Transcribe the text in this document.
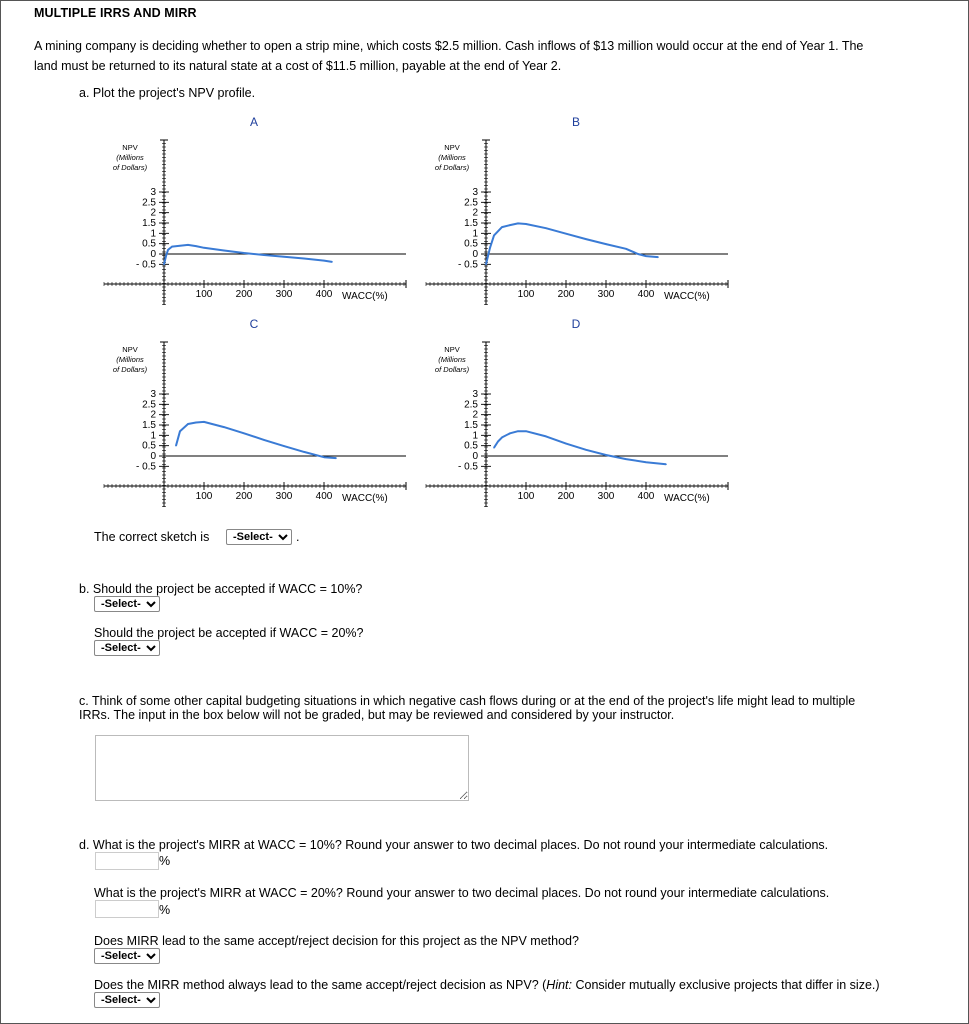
MULTIPLE IRRS AND MIRR
A mining company is deciding whether to open a strip mine, which costs $2.5 million. Cash inflows of $13 million would occur at the end of Year 1. The
land must be returned to its natural state at a cost of $11.5 million, payable at the end of Year 2.
a. Plot the project's NPV profile.
A
NPV
(Millions
of Dollars)
3
2.5
2
1.5
1
0.5
0
- 0.5
100 200 300 400 WACC(%)
B
NPV
(Millions
of Dollars)
3
2.5
2
1.5
1
0.5
0
- 0.5
100 200 300 400 WACC(%)
C
NPV
(Millions
of Dollars)
3
2.5
2
1.5
1
0.5
0
- 0.5
100 200 300 400 WACC(%)
D
NPV
(Millions
of Dollars)
3
2.5
2
1.5
1
0.5
0
- 0.5
100 200 300 400 WACC(%)
The correct sketch is
-Select-	.
b. Should the project be accepted if WACC = 10%?
-Select-
Should the project be accepted if WACC = 20%?
-Select-
c. Think of some other capital budgeting situations in which negative cash flows during or at the end of the project's life might lead to multiple
IRRs. The input in the box below will not be graded, but may be reviewed and considered by your instructor.
d. What is the project's MIRR at WACC = 10%? Round your answer to two decimal places. Do not round your intermediate calculations.
%
What is the project's MIRR at WACC = 20%? Round your answer to two decimal places. Do not round your intermediate calculations.
%
Does MIRR lead to the same accept/reject decision for this project as the NPV method?
-Select-
Does the MIRR method always lead to the same accept/reject decision as NPV? (Hint: Consider mutually exclusive projects that differ in size.)
-Select-
